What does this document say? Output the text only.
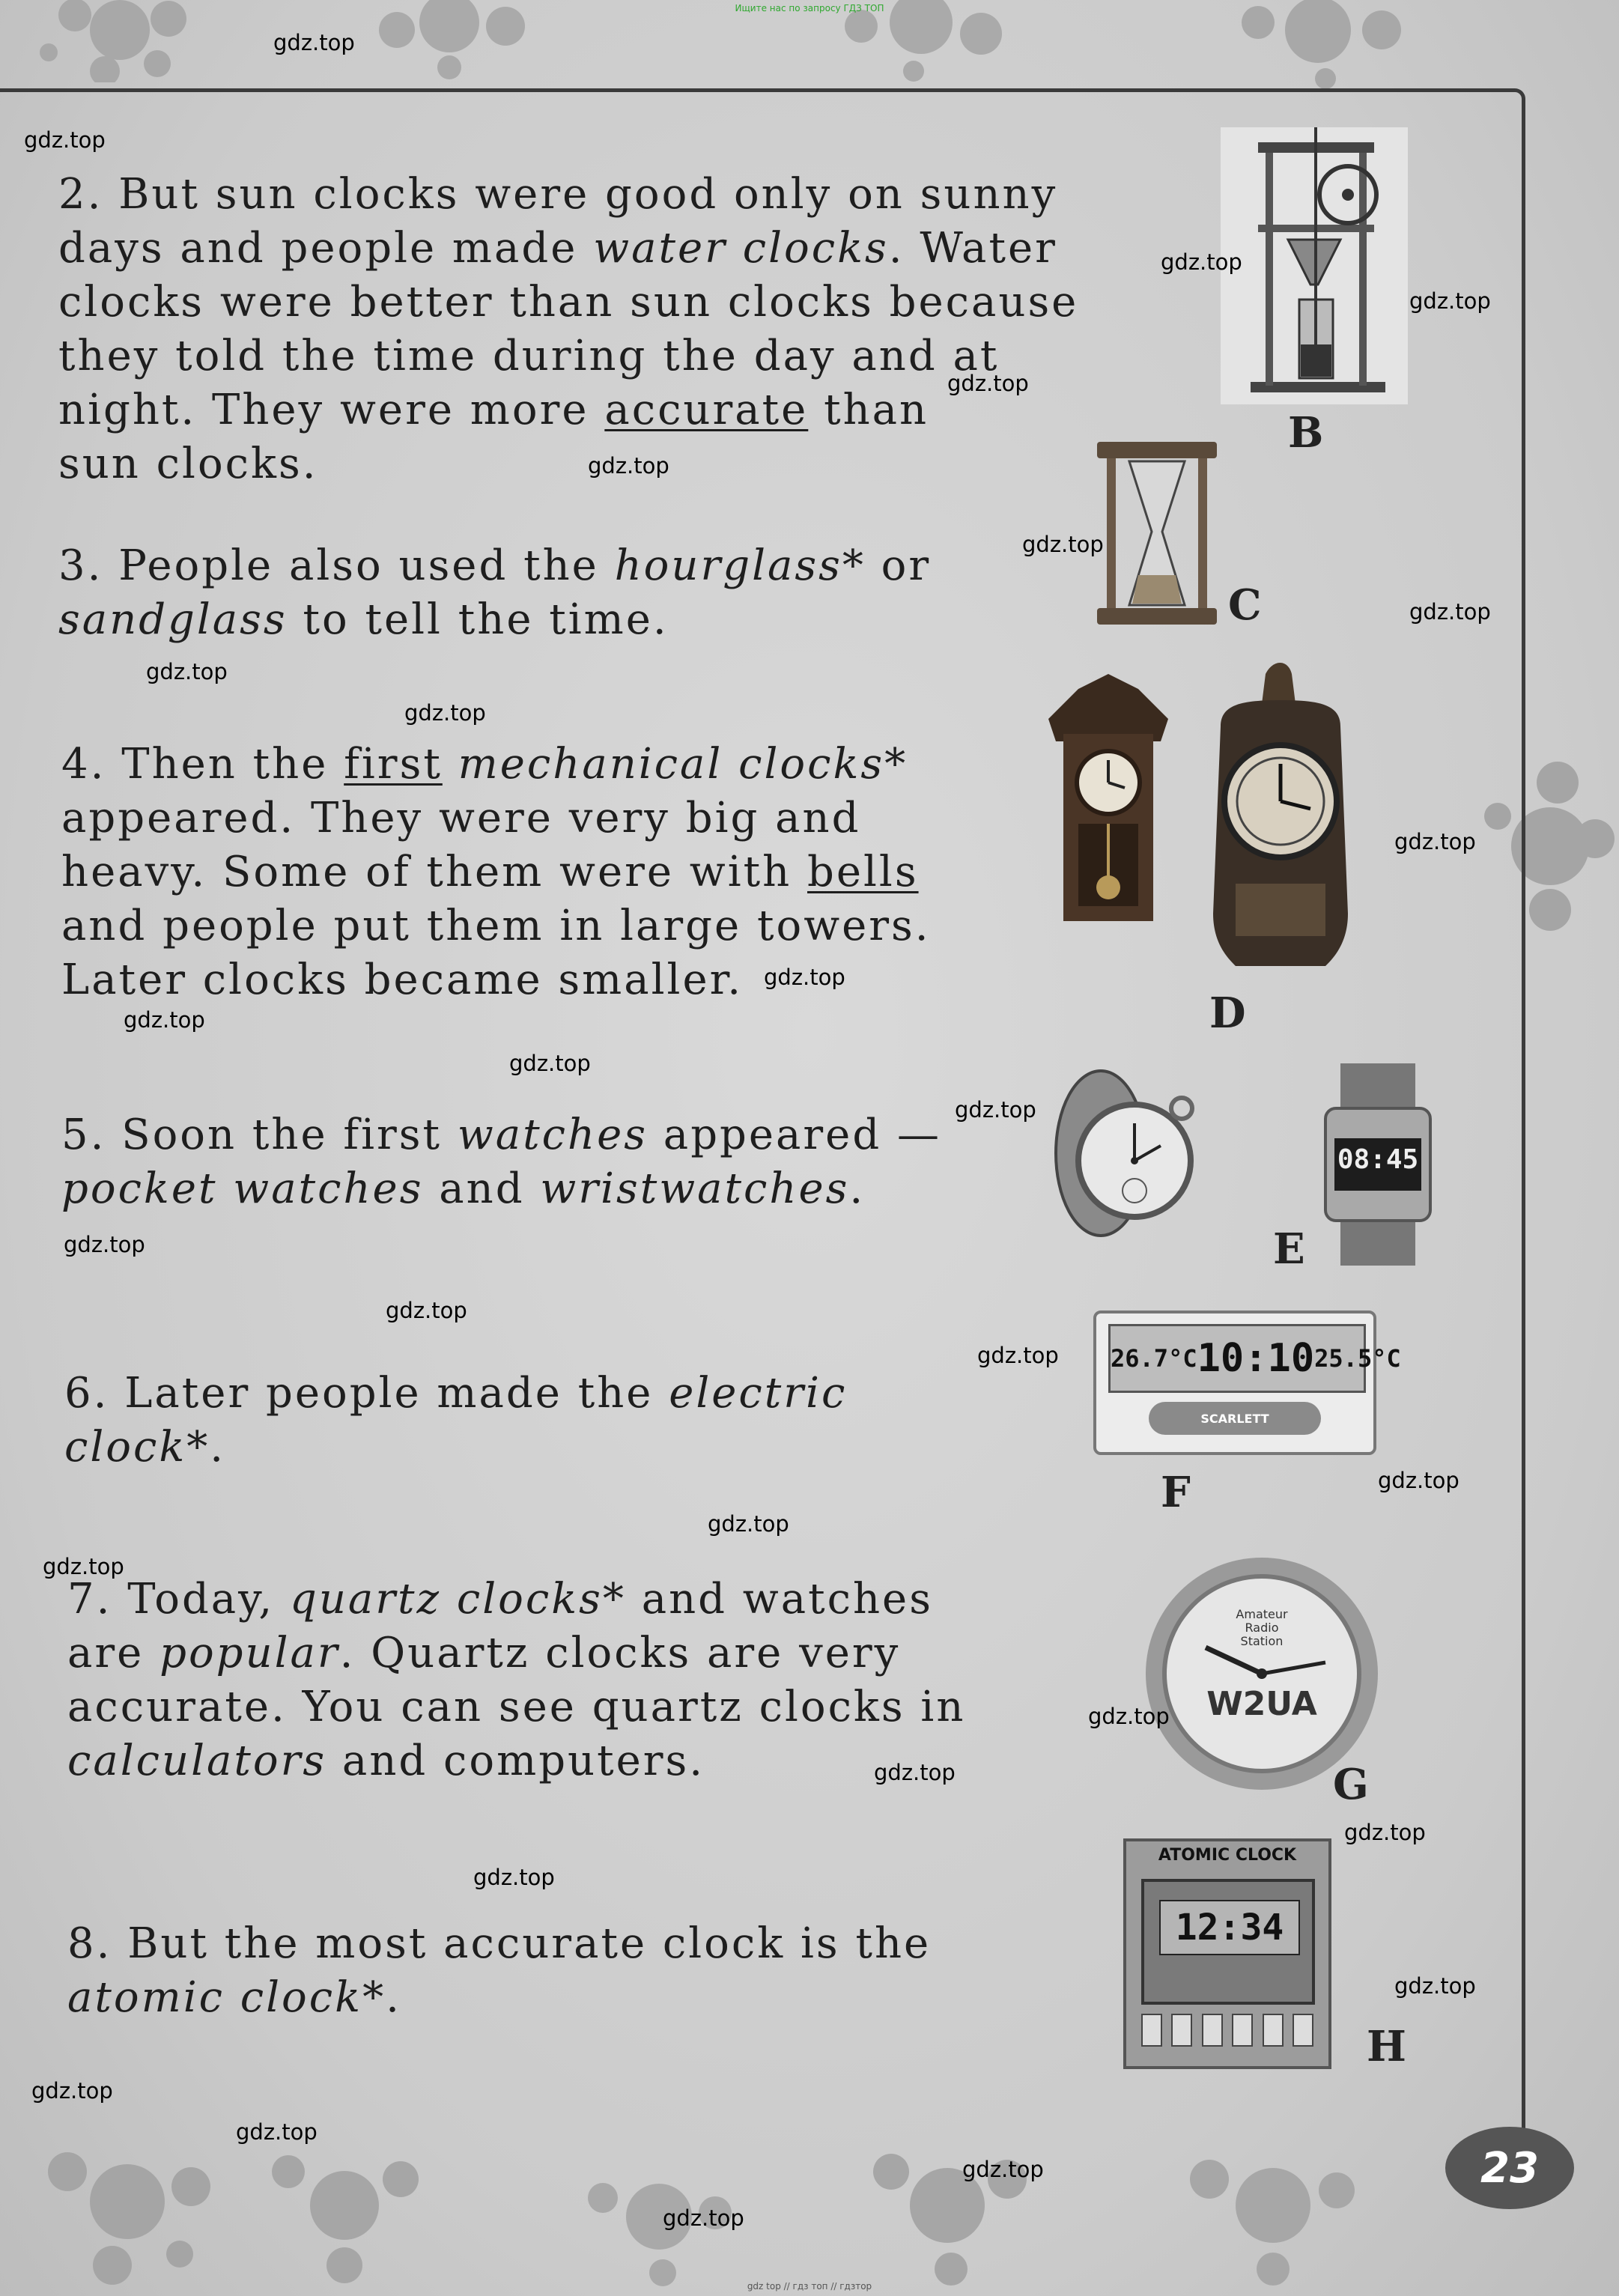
Ищите нас по запросу ГДЗ ТОП
2. But sun clocks were good only on sunny
days and people made water clocks. Water
clocks were better than sun clocks because
they told the time during the day and at
night. They were more accurate than
sun clocks.
3. People also used the hourglass* or
sandglass to tell the time.
4. Then the first mechanical clocks*
appeared. They were very big and
heavy. Some of them were with bells
and people put them in large towers.
Later clocks became smaller.
5. Soon the first watches appeared —
pocket watches and wristwatches.
6. Later people made the electric
clock*.
7. Today, quartz clocks* and watches
are popular. Quartz clocks are very
accurate. You can see quartz clocks in
calculators and computers.
8. But the most accurate clock is the
atomic clock*.
B
C
D
08:45
E
26.7°C 10:10 25.5°C
SCARLETT
F
Amateur
Radio
Station
W2UA
G
ATOMIC CLOCK
12:34
H
gdz.top
gdz.top
gdz.top
gdz.top
gdz.top
gdz.top
gdz.top
gdz.top
gdz.top
gdz.top
gdz.top
gdz.top
gdz.top
gdz.top
gdz.top
gdz.top
gdz.top
gdz.top
gdz.top
gdz.top
gdz.top
gdz.top
gdz.top
gdz.top
gdz.top
gdz.top
gdz.top
gdz.top
gdz.top
gdz.top
23
gdz top // гдз топ // гдзтор
